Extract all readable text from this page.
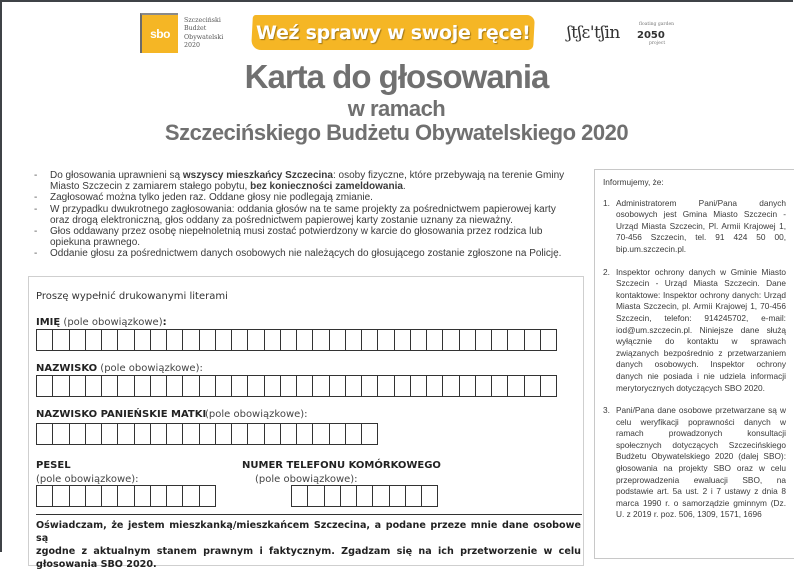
sbo
Szczeciński
Budżet
Obywatelski
2020
Weź sprawy w swoje ręce! ʃtʃɛ'tʃin	floating garden
2050
project
Karta do głosowania
w ramach
Szczecińskiego Budżetu Obywatelskiego 2020
- Do głosowania uprawnieni są wszyscy mieszkańcy Szczecina: osoby fizyczne, które przebywają na terenie Gminy Miasto Szczecin z zamiarem stałego pobytu, bez konieczności zameldowania.
- Zagłosować można tylko jeden raz. Oddane głosy nie podlegają zmianie.
- W przypadku dwukrotnego zagłosowania: oddania głosów na te same projekty za pośrednictwem papierowej karty oraz drogą elektroniczną, głos oddany za pośrednictwem papierowej karty zostanie uznany za nieważny.
- Głos oddawany przez osobę niepełnoletnią musi zostać potwierdzony w karcie do głosowania przez rodzica lub opiekuna prawnego.
- Oddanie głosu za pośrednictwem danych osobowych nie należących do głosującego zostanie zgłoszone na Policję.
Informujemy, że:
1. Administratorem Pani/Pana danych osobowych jest Gmina Miasto Szczecin - Urząd Miasta Szczecin, Pl. Armii Krajowej 1, 70-456 Szczecin, tel. 91 424 50 00, bip.um.szczecin.pl.
2. Inspektor ochrony danych w Gminie Miasto Szczecin - Urząd Miasta Szczecin. Dane kontaktowe: Inspektor ochrony danych: Urząd Miasta Szczecin, pl. Armii Krajowej 1, 70-456 Szczecin, telefon: 914245702, e-mail: iod@um.szczecin.pl. Niniejsze dane służą wyłącznie do kontaktu w sprawach związanych bezpośrednio z przetwarzaniem danych osobowych. Inspektor ochrony danych nie posiada i nie udziela informacji merytorycznych dotyczących SBO 2020.
3. Pani/Pana dane osobowe przetwarzane są w celu weryfikacji poprawności danych w ramach prowadzonych konsultacji społecznych dotyczących Szczecińskiego Budżetu Obywatelskiego 2020 (dalej SBO): głosowania na projekty SBO oraz w celu przeprowadzenia ewaluacji SBO, na podstawie art. 5a ust. 2 i 7 ustawy z dnia 8 marca 1990 r. o samorządzie gminnym (Dz. U. z 2019 r. poz. 506, 1309, 1571, 1696
Proszę wypełnić drukowanymi literami
IMIĘ (pole obowiązkowe):
NAZWISKO (pole obowiązkowe):
NAZWISKO PANIEŃSKIE MATKI
(pole obowiązkowe):
PESEL
(pole obowiązkowe):
NUMER TELEFONU KOMÓRKOWEGO
(pole obowiązkowe):
Oświadczam, że jestem mieszkanką/mieszkańcem Szczecina, a podane przeze mnie dane osobowe są
zgodne z aktualnym stanem prawnym i faktycznym. Zgadzam się na ich przetworzenie w celu głosowania SBO 2020.
